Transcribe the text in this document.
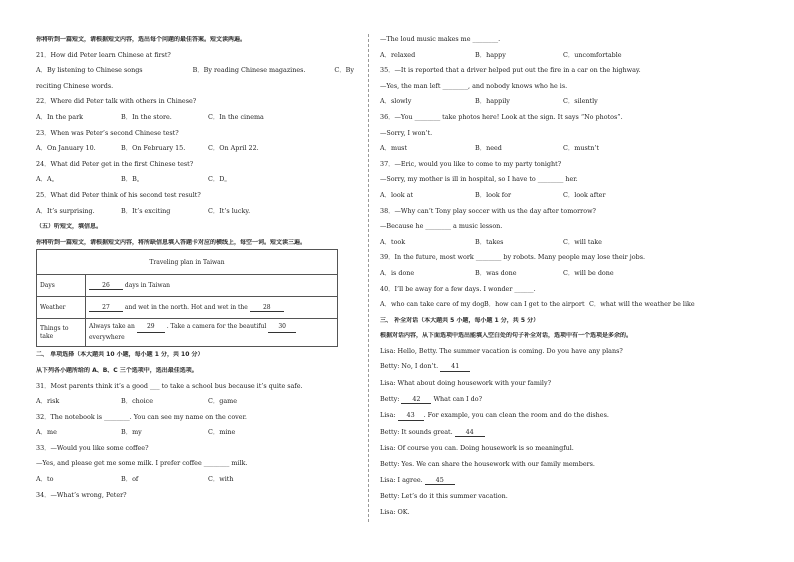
你将听到一篇短文，请根据短文内容，选出每个问题的最佳答案。短文读两遍。
21．How did Peter learn Chinese at first?
A．By listening to Chinese songs	B．By reading Chinese magazines.	C．By
reciting Chinese words.
22．Where did Peter talk with others in Chinese?
A．In the park	B．In the store.	C．In the cinema
23．When was Peter’s second Chinese test?
A．On January 10.	B．On February 15.	C．On April 22.
24．What did Peter get in the first Chinese test?
A．A。	B．B。	C．D。
25．What did Peter think of his second test result?
A．It’s surprising.	B．It’s exciting	C．It’s lucky.
（五）听短文，填信息。
你将听到一篇短文，请根据短文内容，将所缺信息填入答题卡对应的横线上，每空一词。短文读三遍。
Traveling plan in Taiwan	
Days	26 days in Taiwan
Weather	27 and wet in the north. Hot and wet in the 28
Things to take	Always take an 29 . Take a camera for the beautiful 30
everywhere
二、 单项选择（本大题共 10 小题，每小题 1 分，共 10 分）
从下列各小题所给的 A、B、C 三个选项中，选出最佳选项。
31．Most parents think it’s a good ___ to take a school bus because it’s quite safe.
A．risk	B．choice	C．game
32．The notebook is ________. You can see my name on the cover.
A．me	B．my	C．mine
33．—Would you like some coffee?
—Yes, and please get me some milk. I prefer coffee ________ milk.
A．to	B．of	C．with
34．—What’s wrong, Peter?
—The loud music makes me ________.
A．relaxed	B．happy	C．uncomfortable
35．—It is reported that a driver helped put out the fire in a car on the highway.
—Yes, the man left ________, and nobody knows who he is.
A．slowly	B．happily	C．silently
36．—You ________ take photos here! Look at the sign. It says “No photos”.
—Sorry, I won’t.
A．must	B．need	C．mustn’t
37．—Eric, would you like to come to my party tonight?
—Sorry, my mother is ill in hospital, so I have to ________ her.
A．look at	B．look for	C．look after
38．—Why can’t Tony play soccer with us the day after tomorrow?
—Because he ________ a music lesson.
A．took	B．takes	C．will take
39．In the future, most work ________ by robots. Many people may lose their jobs.
A．is done	B．was done	C．will be done
40．I’ll be away for a few days. I wonder ______.
A．who can take care of my dog B．how can I get to the airport C．what will the weather be like
三、 补全对话（本大题共 5 小题，每小题 1 分，共 5 分）
根据对话内容，从下面选项中选出能填入空白处的句子补全对话，选项中有一个选项是多余的。
Lisa: Hello, Betty. The summer vacation is coming. Do you have any plans?
Betty: No, I don’t. 41
Lisa: What about doing housework with your family?
Betty: 42 What can I do?
Lisa: 43 . For example, you can clean the room and do the dishes.
Betty: It sounds great. 44
Lisa: Of course you can. Doing housework is so meaningful.
Betty: Yes. We can share the housework with our family members.
Lisa: I agree. 45
Betty: Let’s do it this summer vacation.
Lisa: OK.
